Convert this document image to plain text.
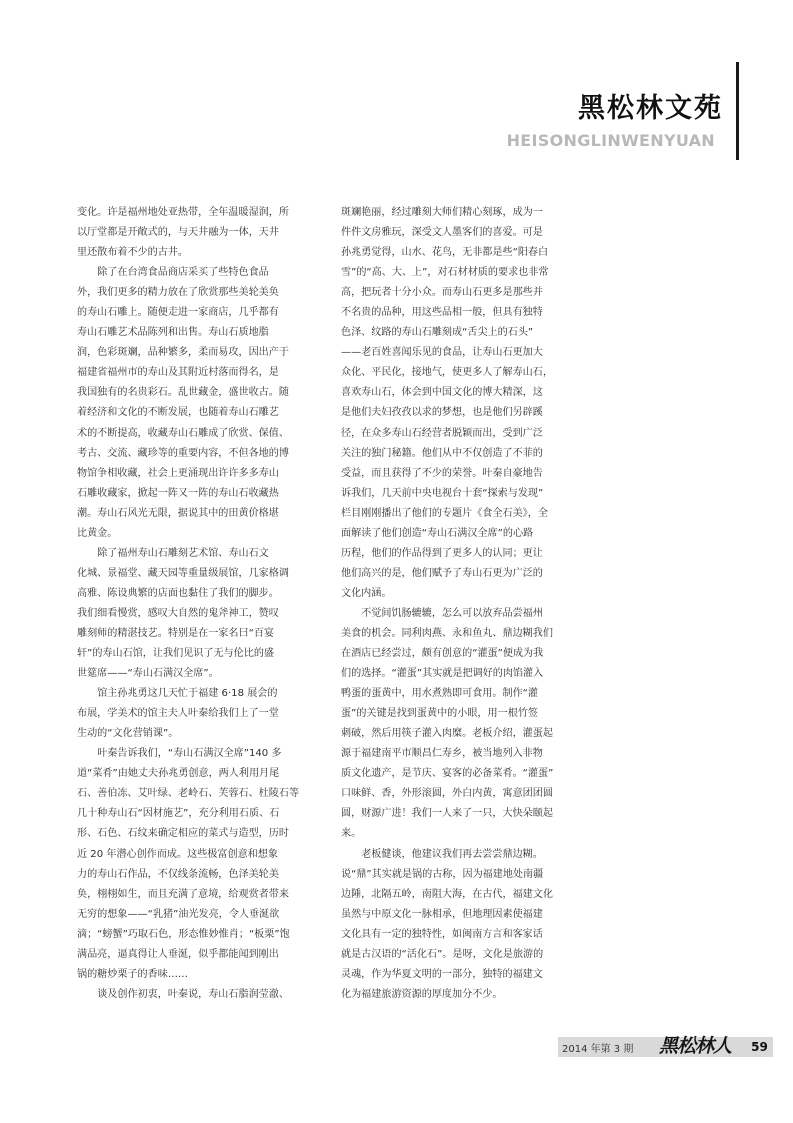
黑松林文苑
HEISONGLINWENYUAN

变化。许是福州地处亚热带，全年温暖湿润，所
以厅堂都是开敞式的，与天井融为一体，天井
里还散布着不少的古井。

除了在台湾食品商店采买了些特色食品
外，我们更多的精力放在了欣赏那些美轮美奂
的寿山石雕上。随便走进一家商店，几乎都有
寿山石雕艺术品陈列和出售。寿山石质地脂
润，色彩斑斓，品种繁多，柔而易攻，因出产于
福建省福州市的寿山及其附近村落而得名，是
我国独有的名贵彩石。乱世藏金，盛世收古。随
着经济和文化的不断发展，也随着寿山石雕艺
术的不断提高，收藏寿山石雕成了欣赏、保值、
考古、交流、藏珍等的重要内容，不但各地的博
物馆争相收藏，社会上更涌现出许许多多寿山
石雕收藏家，掀起一阵又一阵的寿山石收藏热
潮。寿山石风光无限，据说其中的田黄价格堪
比黄金。

除了福州寿山石雕刻艺术馆、寿山石文
化城、景福堂、藏天园等重量级展馆，几家格调
高雅、陈设典繁的店面也黏住了我们的脚步。
我们细看慢赏，感叹大自然的鬼斧神工，赞叹
雕刻师的精湛技艺。特别是在一家名曰“百宴
轩”的寿山石馆，让我们见识了无与伦比的盛
世筵席——“寿山石满汉全席”。

馆主孙兆勇这几天忙于福建 6·18 展会的
布展，学美术的馆主夫人叶秦给我们上了一堂
生动的“文化营销课”。

叶秦告诉我们，“寿山石满汉全席”140 多
道“菜肴”由她丈夫孙兆勇创意，两人利用月尾
石、善伯冻、艾叶绿、老岭石、芙蓉石、杜陵石等
几十种寿山石“因材施艺”，充分利用石质、石
形、石色、石纹来确定相应的菜式与造型，历时
近 20 年潜心创作而成。这些极富创意和想象
力的寿山石作品，不仅线条流畅，色泽美轮美
奂，栩栩如生，而且充满了意境，给观赏者带来
无穷的想象——“乳猪”油光发亮，令人垂涎欲
滴；“螃蟹”巧取石色，形态惟妙惟肖；“板栗”饱
满品亮，逼真得让人垂涎，似乎都能闻到刚出
锅的糖炒栗子的香味……

谈及创作初衷，叶秦说，寿山石脂润莹澈、

斑斓艳丽，经过雕刻大师们精心刻琢，成为一
件件文房雅玩，深受文人墨客们的喜爱。可是
孙兆勇觉得，山水、花鸟，无非都是些“阳春白
雪”的“高、大、上”，对石材材质的要求也非常
高，把玩者十分小众。而寿山石更多是那些并
不名贵的品种，用这些品相一般，但具有独特
色泽、纹路的寿山石雕刻成“舌尖上的石头”
——老百姓喜闻乐见的食品，让寿山石更加大
众化、平民化，接地气，使更多人了解寿山石，
喜欢寿山石，体会到中国文化的博大精深，这
是他们夫妇孜孜以求的梦想，也是他们另辟蹊
径，在众多寿山石经营者脱颖而出，受到广泛
关注的独门秘籍。他们从中不仅创造了不菲的
受益，而且获得了不少的荣誉。叶秦自豪地告
诉我们，几天前中央电视台十套“探索与发现”
栏目刚刚播出了他们的专题片《食全石美》，全
面解读了他们创造“寿山石满汉全席”的心路
历程，他们的作品得到了更多人的认同；更让
他们高兴的是，他们赋予了寿山石更为广泛的
文化内涵。

不觉间饥肠辘辘，怎么可以放弃品尝福州
美食的机会。同利肉燕、永和鱼丸、鼎边糊我们
在酒店已经尝过，颇有创意的“灌蛋”便成为我
们的选择。“灌蛋”其实就是把调好的肉馅灌入
鸭蛋的蛋黄中，用水煮熟即可食用。制作“灌
蛋”的关键是找到蛋黄中的小眼，用一根竹签
刺破，然后用筷子灌入肉糜。老板介绍，灌蛋起
源于福建南平市顺昌仁寿乡，被当地列入非物
质文化遗产，是节庆、宴客的必备菜肴。“灌蛋”
口味鲜、香，外形滚圆，外白内黄，寓意团团圆
圆，财源广进！我们一人来了一只，大快朵颐起
来。

老板健谈，他建议我们再去尝尝鼎边糊。
说“鼎”其实就是锅的古称，因为福建地处南疆
边陲，北隔五岭，南阻大海，在古代，福建文化
虽然与中原文化一脉相承，但地理因素使福建
文化具有一定的独特性，如闽南方言和客家话
就是古汉语的“活化石”。是呀，文化是旅游的
灵魂，作为华夏文明的一部分，独特的福建文
化为福建旅游资源的厚度加分不少。

2014 年第 3 期 黑松林人	59
